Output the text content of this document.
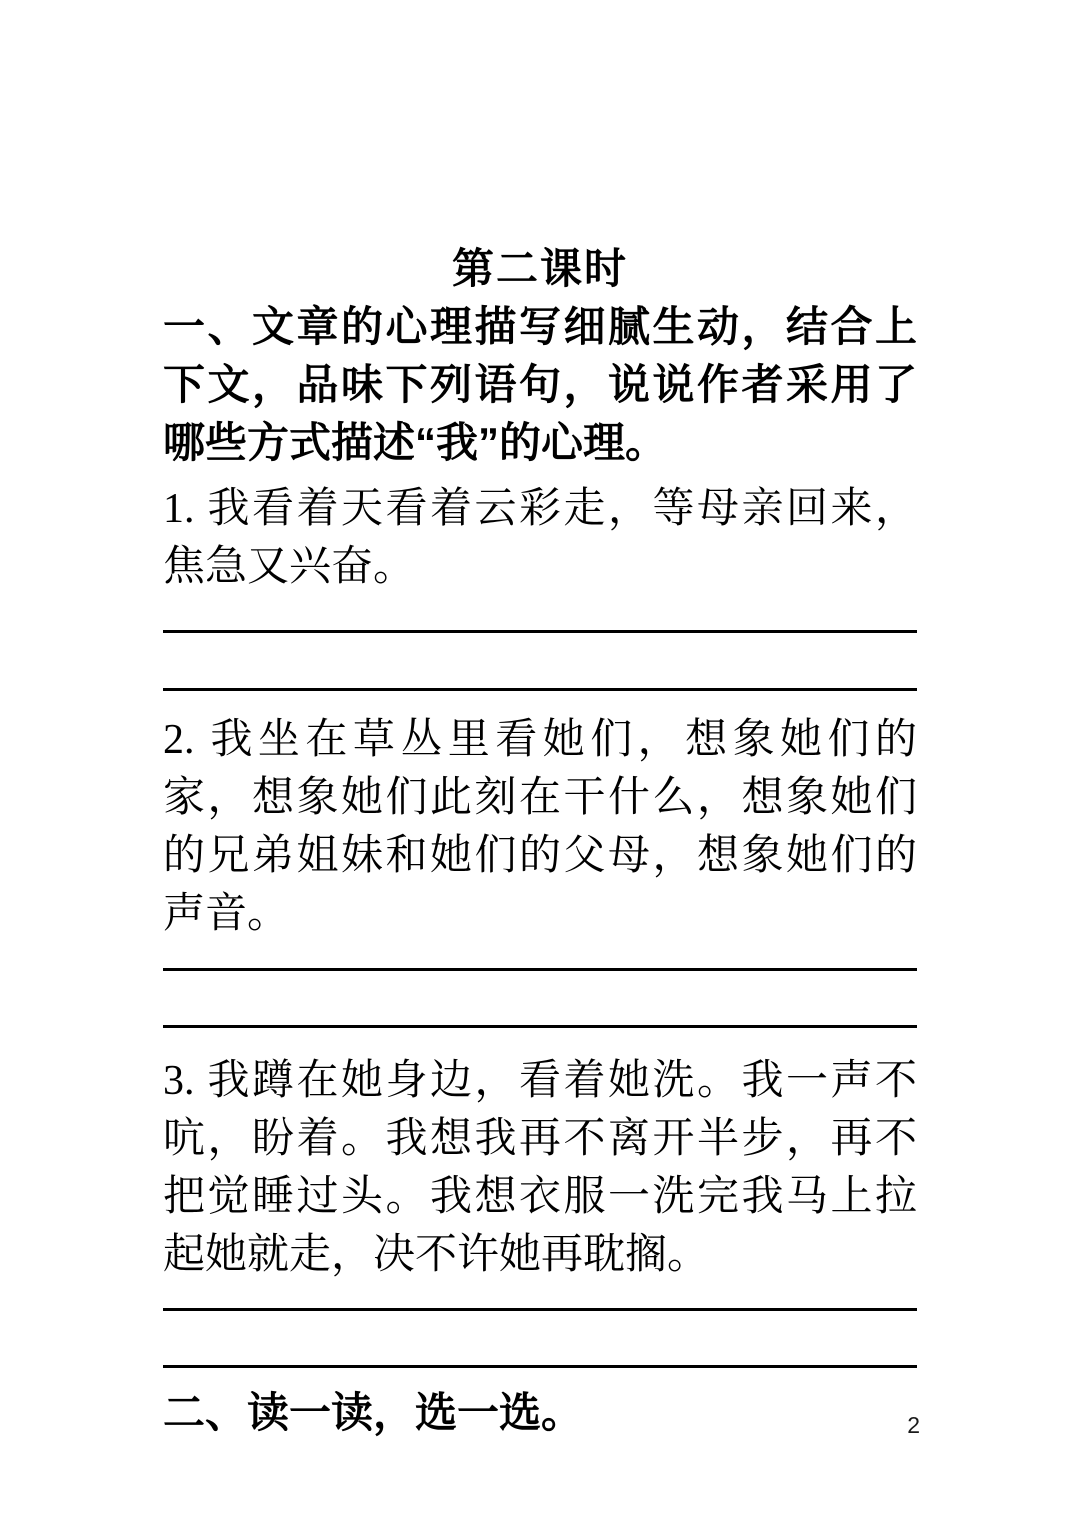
第二课时

一、文章的心理描写细腻生动，结合上下文，品味下列语句，说说作者采用了哪些方式描述“我”的心理。

1. 我看着天看着云彩走，等母亲回来，焦急又兴奋。

2. 我坐在草丛里看她们，想象她们的家，想象她们此刻在干什么，想象她们的兄弟姐妹和她们的父母，想象她们的声音。

3. 我蹲在她身边，看着她洗。我一声不吭，盼着。我想我再不离开半步，再不把觉睡过头。我想衣服一洗完我马上拉起她就走，决不许她再耽搁。

二、读一读，选一选。	2
